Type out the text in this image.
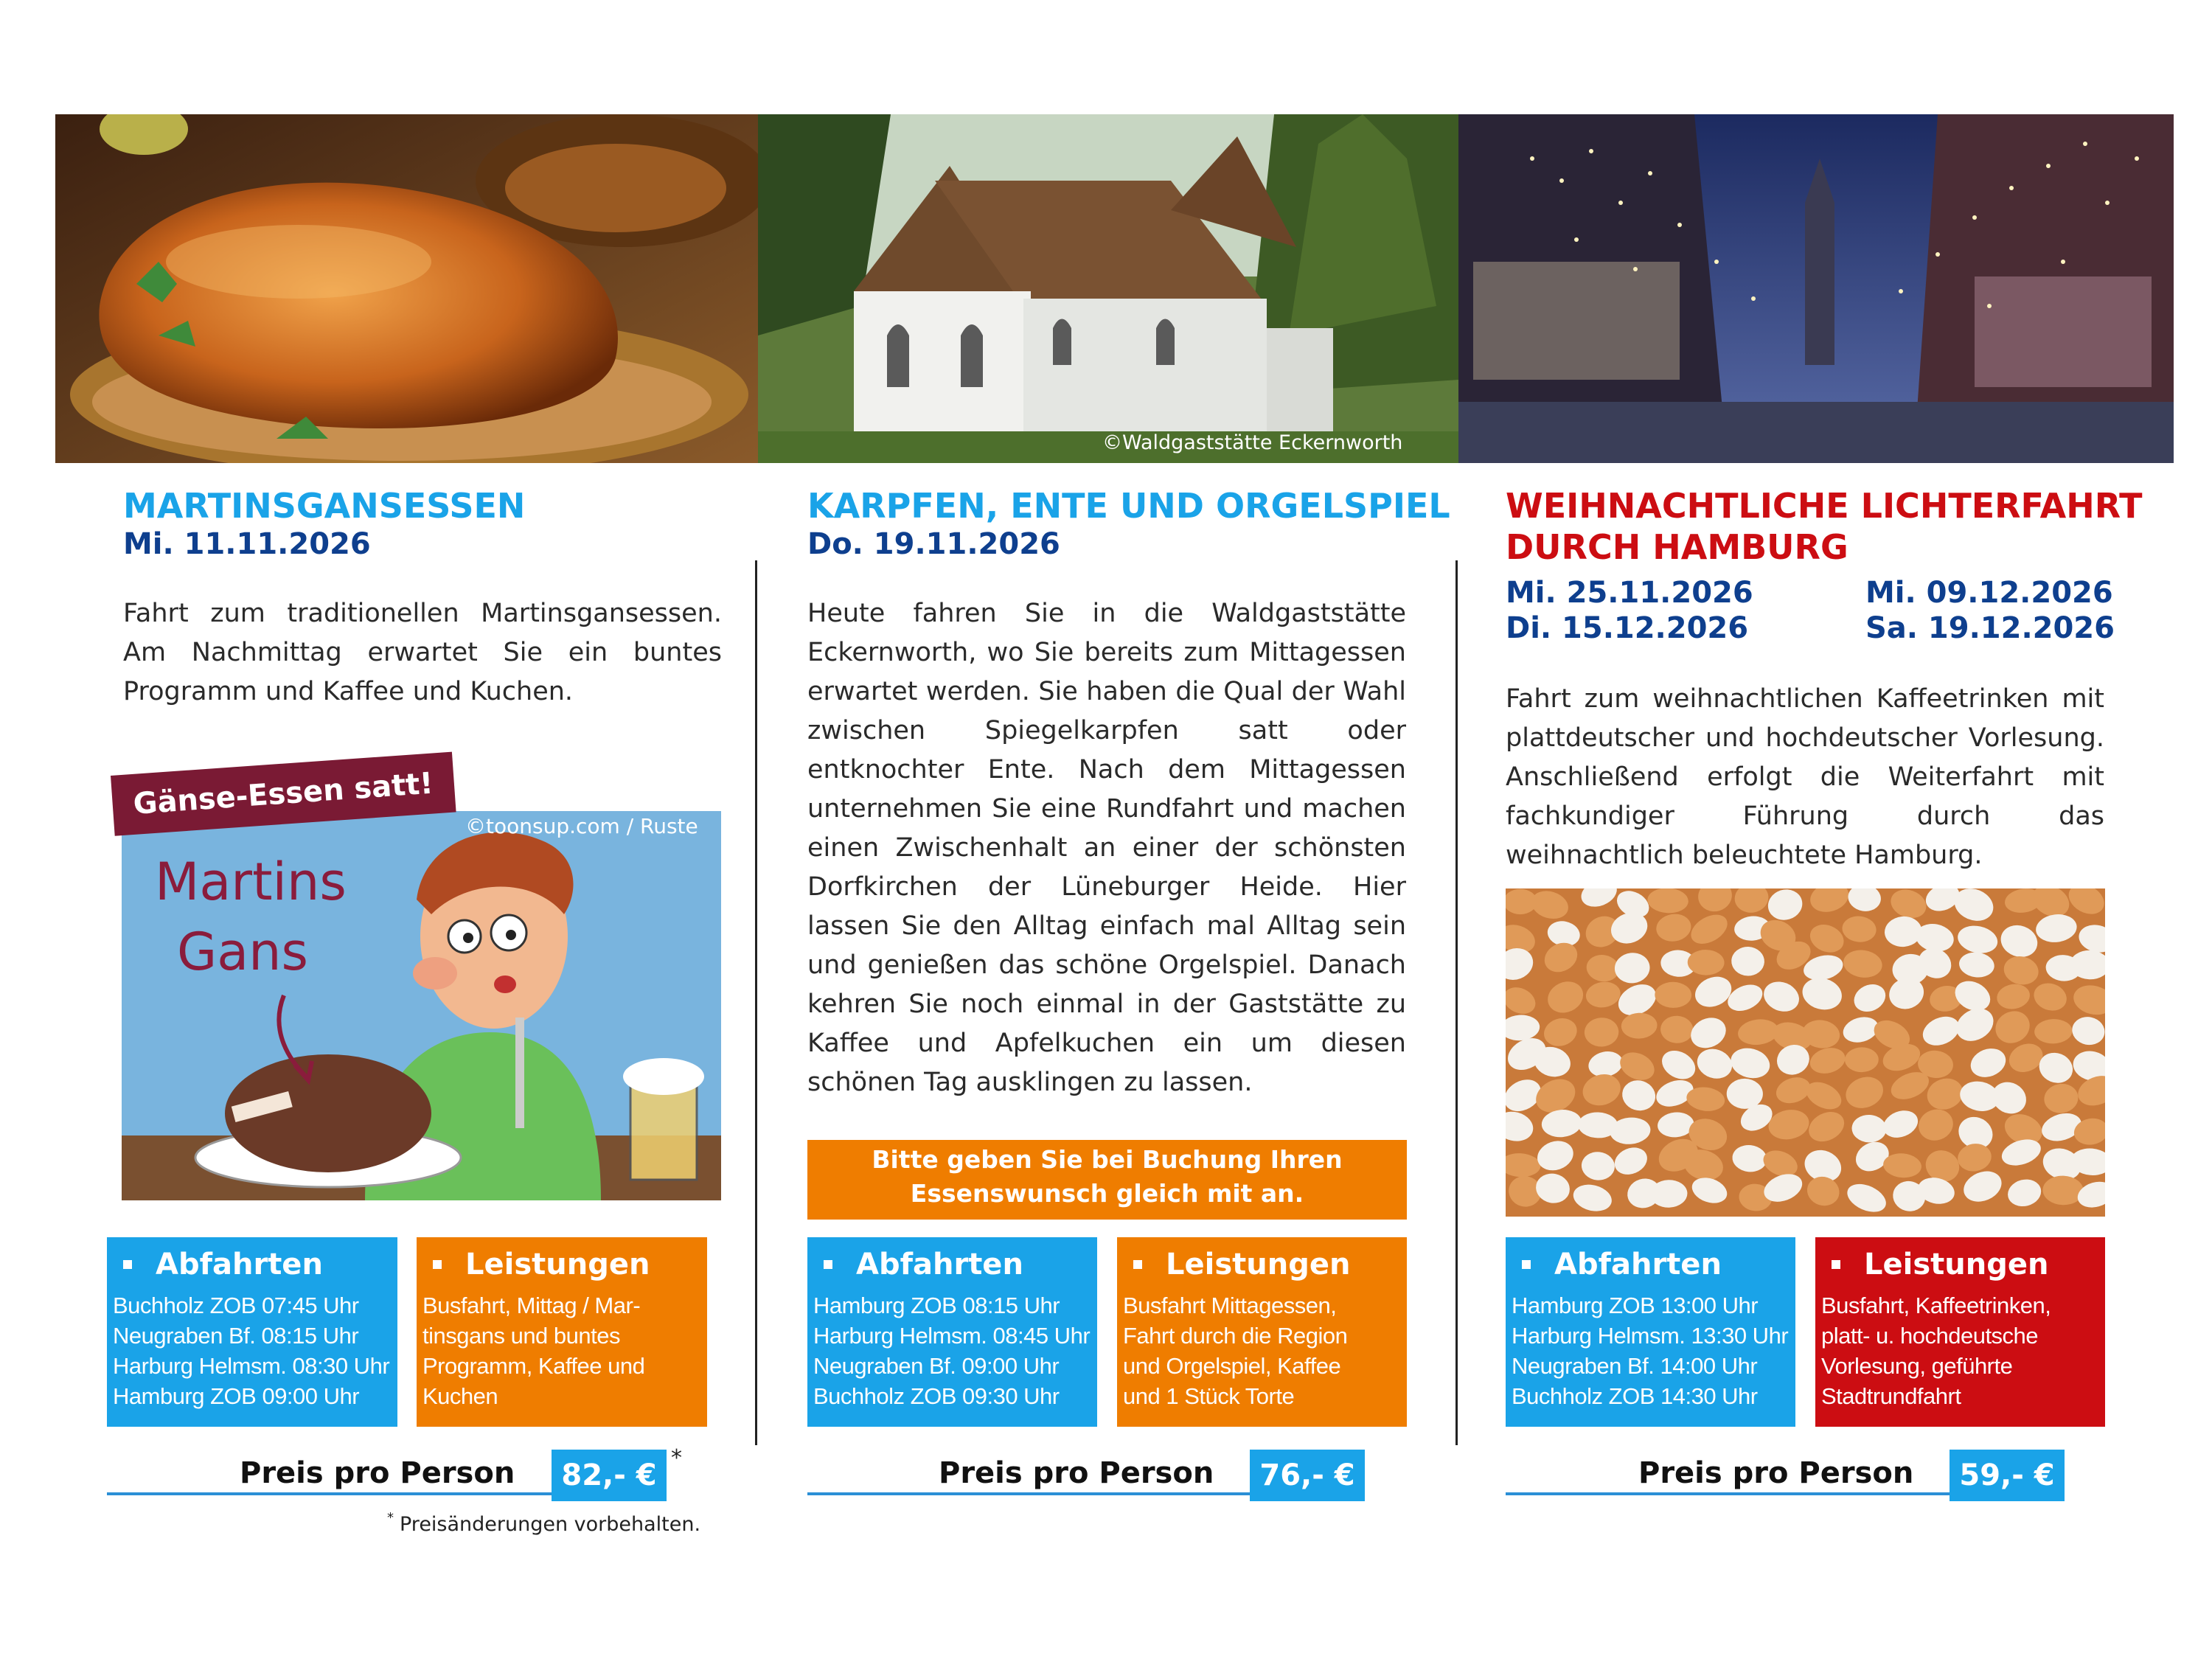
©Waldgaststätte Eckernworth
MARTINSGANSESSEN
Mi. 11.11.2026
Fahrt zum traditionellen Martinsgansessen. Am Nachmittag erwartet Sie ein buntes Programm und Kaffee und Kuchen.
Martins
Gans
©toonsup.com / Ruste
Gänse-Essen satt!
Abfahrten
Buchholz ZOB 07:45 Uhr
Neugraben Bf. 08:15 Uhr
Harburg Helmsm. 08:30 Uhr
Hamburg ZOB 09:00 Uhr
Leistungen
Busfahrt, Mittag / Mar-
tinsgans und buntes
Programm, Kaffee und
Kuchen
Preis pro Person	82,- €
*
* Preisänderungen vorbehalten.
KARPFEN, ENTE UND ORGELSPIEL
Do. 19.11.2026
Heute fahren Sie in die Waldgaststätte Eckernworth, wo Sie bereits zum Mittagessen erwartet werden. Sie haben die Qual der Wahl zwischen Spiegelkarpfen satt oder entknochter Ente. Nach dem Mittagessen unternehmen Sie eine Rundfahrt und machen einen Zwischenhalt an einer der schönsten Dorfkirchen der Lüneburger Heide. Hier lassen Sie den Alltag einfach mal Alltag sein und genießen das schöne Orgelspiel. Danach kehren Sie noch einmal in der Gaststätte zu Kaffee und Apfelkuchen ein um diesen schönen Tag ausklingen zu lassen.
Bitte geben Sie bei Buchung Ihren
Essenswunsch gleich mit an.
Abfahrten
Hamburg ZOB 08:15 Uhr
Harburg Helmsm. 08:45 Uhr
Neugraben Bf. 09:00 Uhr
Buchholz ZOB 09:30 Uhr
Leistungen
Busfahrt Mittagessen,
Fahrt durch die Region
und Orgelspiel, Kaffee
und 1 Stück Torte
Preis pro Person	76,- €
WEIHNACHTLICHE LICHTERFAHRT
DURCH HAMBURG
Mi. 25.11.2026	Mi. 09.12.2026
Di. 15.12.2026	Sa. 19.12.2026
Fahrt zum weihnachtlichen Kaffeetrinken mit plattdeutscher und hochdeutscher Vorlesung. Anschließend erfolgt die Weiterfahrt mit fachkundiger Führung durch das weihnachtlich beleuchtete Hamburg.
Abfahrten
Hamburg ZOB 13:00 Uhr
Harburg Helmsm. 13:30 Uhr
Neugraben Bf. 14:00 Uhr
Buchholz ZOB 14:30 Uhr
Leistungen
Busfahrt, Kaffeetrinken,
platt- u. hochdeutsche
Vorlesung, geführte
Stadtrundfahrt
Preis pro Person	59,- €
